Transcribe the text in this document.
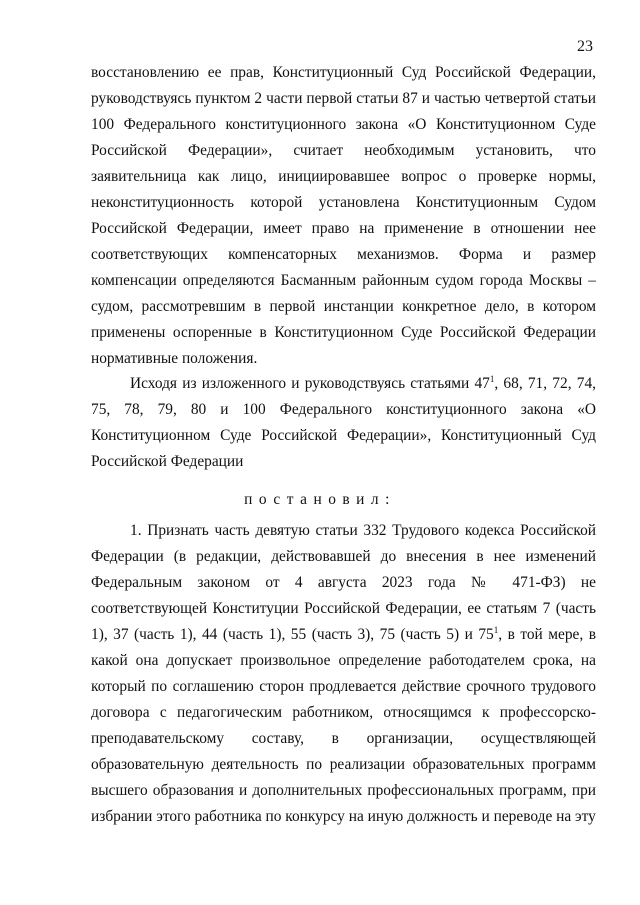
23

восстановлению ее прав, Конституционный Суд Российской Федерации, руководствуясь пунктом 2 части первой статьи 87 и частью четвертой статьи 100 Федерального конституционного закона «О Конституционном Суде Российской Федерации», считает необходимым установить, что заявительница как лицо, инициировавшее вопрос о проверке нормы, неконституционность которой установлена Конституционным Судом Российской Федерации, имеет право на применение в отношении нее соответствующих компенсаторных механизмов. Форма и размер компенсации определяются Басманным районным судом города Москвы – судом, рассмотревшим в первой инстанции конкретное дело, в котором применены оспоренные в Конституционном Суде Российской Федерации нормативные положения.

Исходя из изложенного и руководствуясь статьями $47^1$, 68, 71, 72, 74, 75, 78, 79, 80 и 100 Федерального конституционного закона «О Конституционном Суде Российской Федерации», Конституционный Суд Российской Федерации

постановил:

1. Признать часть девятую статьи 332 Трудового кодекса Российской Федерации (в редакции, действовавшей до внесения в нее изменений Федеральным законом от 4 августа 2023 года № 471-ФЗ) не соответствующей Конституции Российской Федерации, ее статьям 7 (часть 1), 37 (часть 1), 44 (часть 1), 55 (часть 3), 75 (часть 5) и $75^1$, в той мере, в какой она допускает произвольное определение работодателем срока, на который по соглашению сторон продлевается действие срочного трудового договора с педагогическим работником, относящимся к профессорско-преподавательскому составу, в организации, осуществляющей образовательную деятельность по реализации образовательных программ высшего образования и дополнительных профессиональных программ, при избрании этого работника по конкурсу на иную должность и переводе на эту
